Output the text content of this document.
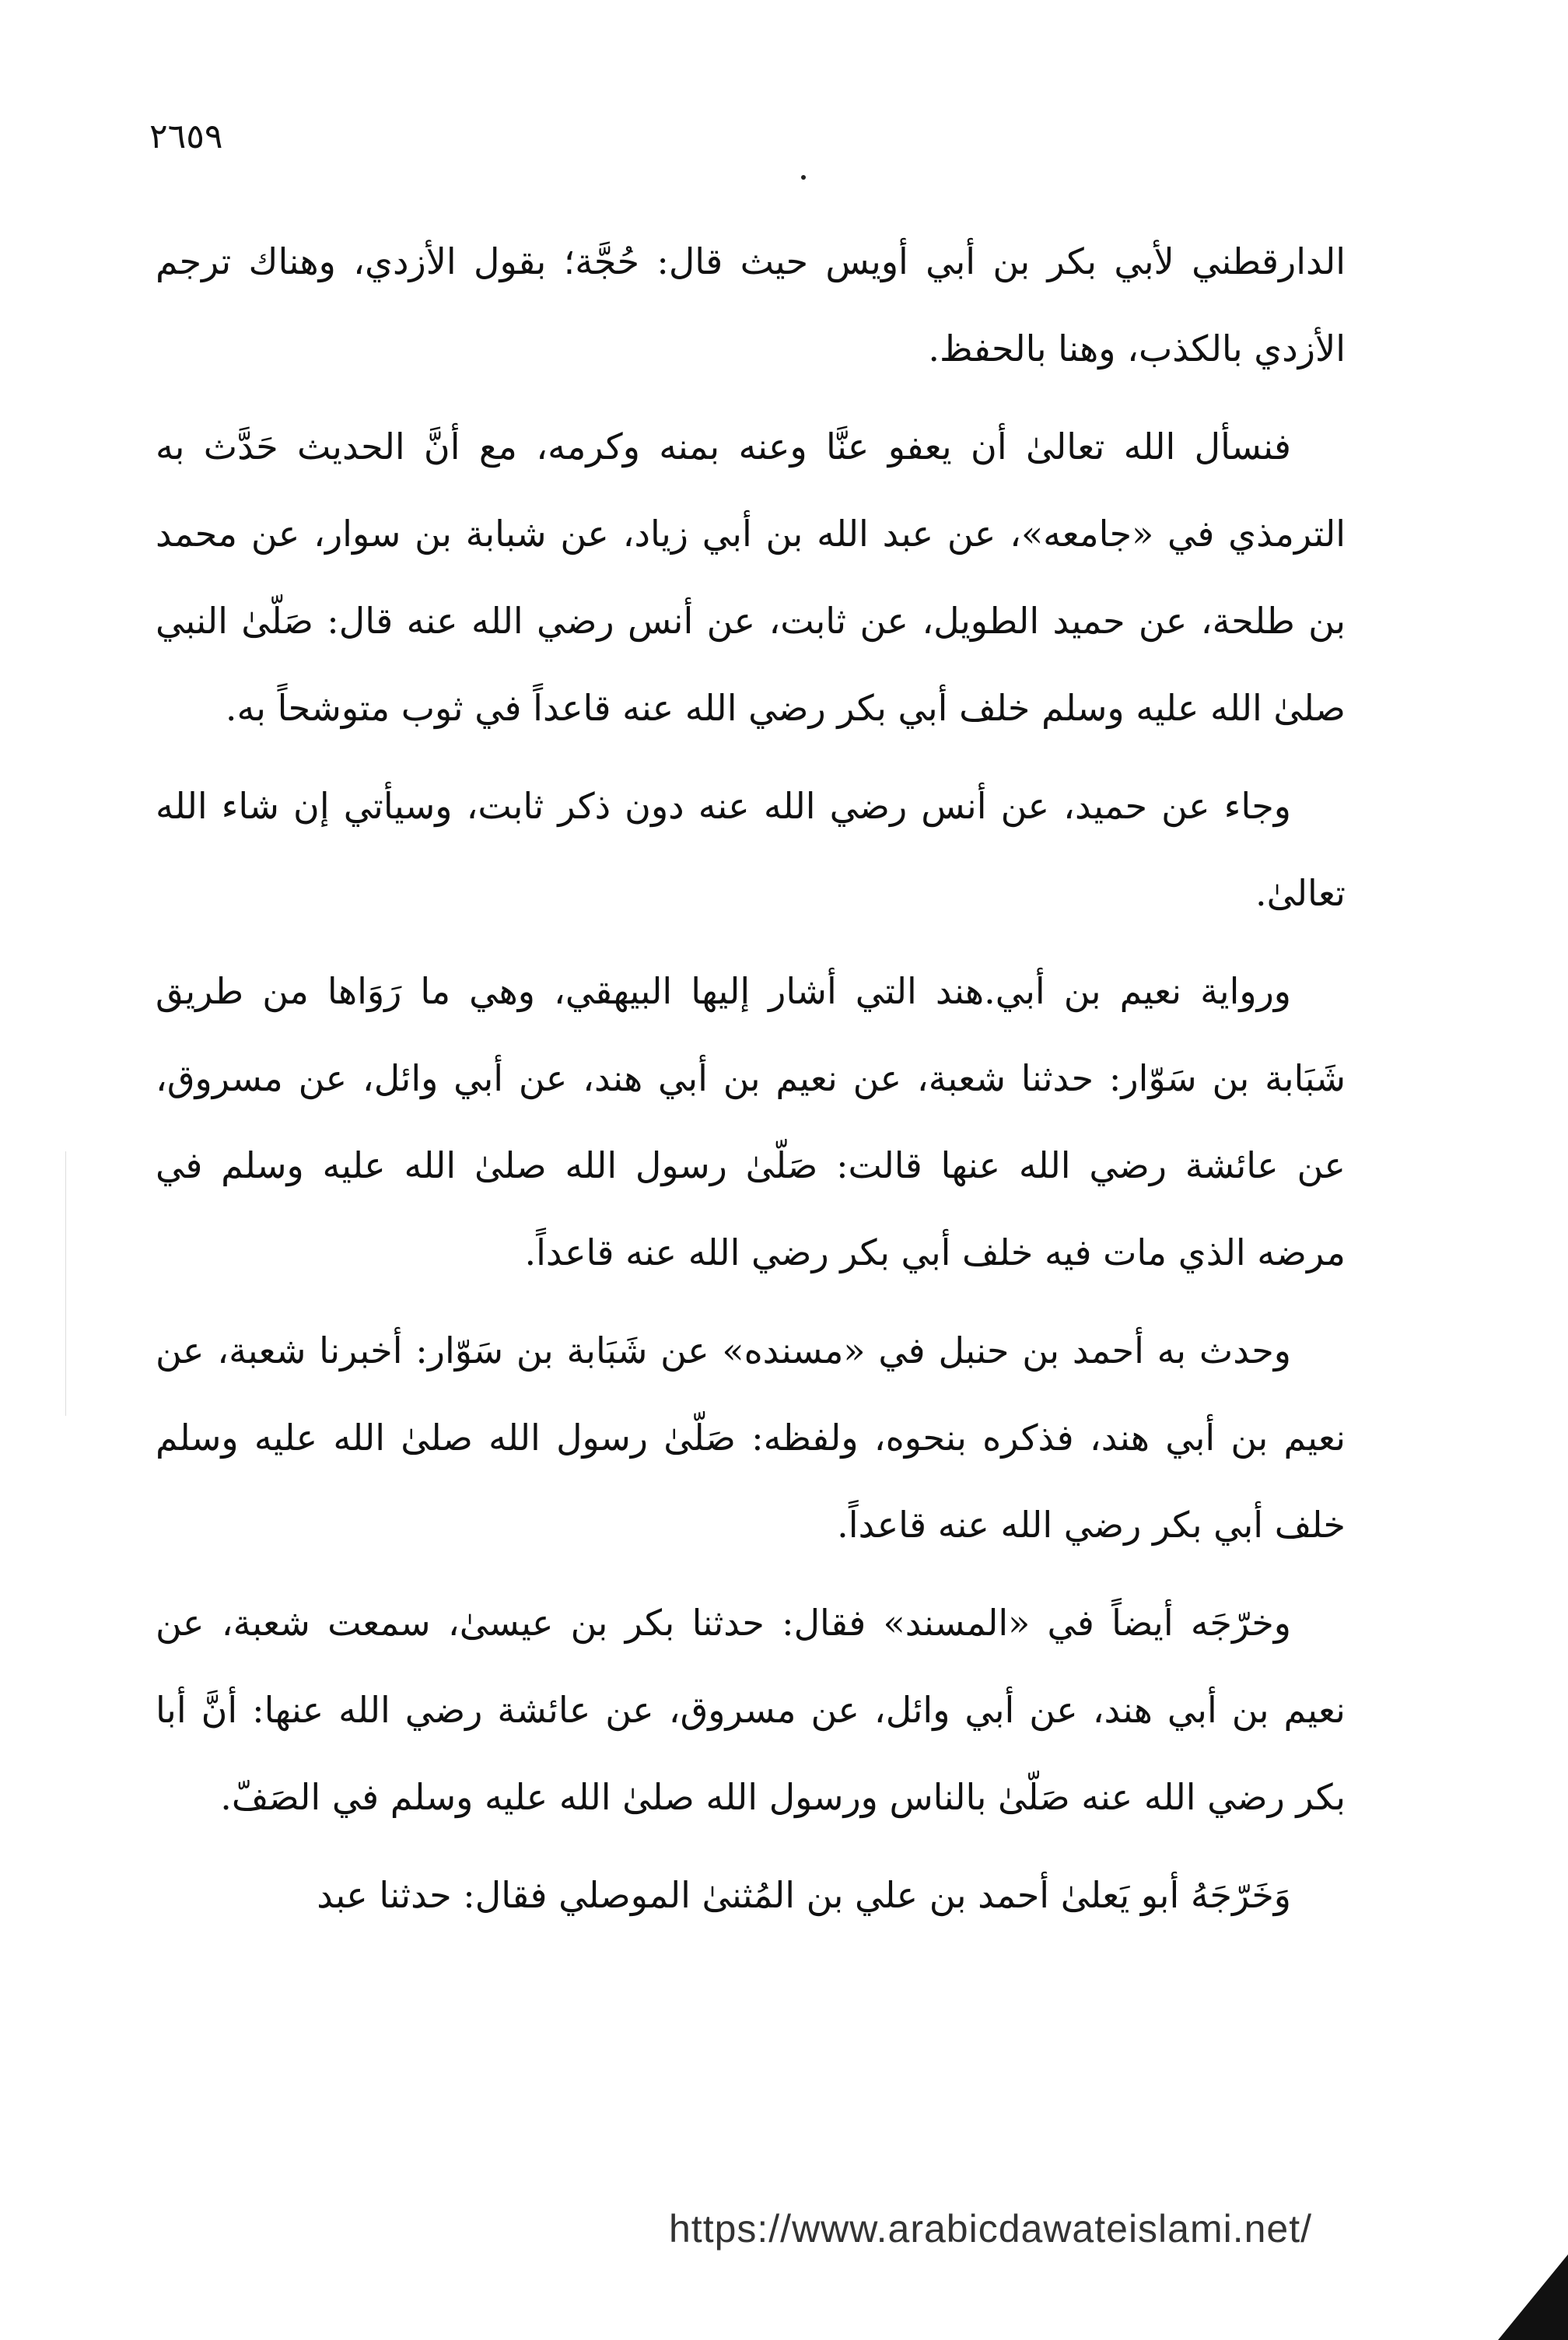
٢٦٥٩

الدارقطني لأبي بكر بن أبي أويس حيث قال: حُجَّة؛ بقول الأزدي، وهناك ترجم الأزدي بالكذب، وهنا بالحفظ.

فنسأل الله تعالىٰ أن يعفو عنَّا وعنه بمنه وكرمه، مع أنَّ الحديث حَدَّث به الترمذي في «جامعه»، عن عبد الله بن أبي زياد، عن شبابة بن سوار، عن محمد بن طلحة، عن حميد الطويل، عن ثابت، عن أنس رضي الله عنه قال: صَلّىٰ النبي صلىٰ الله عليه وسلم خلف أبي بكر رضي الله عنه قاعداً في ثوب متوشحاً به.

وجاء عن حميد، عن أنس رضي الله عنه دون ذكر ثابت، وسيأتي إن شاء الله تعالىٰ.

ورواية نعيم بن أبي.هند التي أشار إليها البيهقي، وهي ما رَوَاها من طريق شَبَابة بن سَوّار: حدثنا شعبة، عن نعيم بن أبي هند، عن أبي وائل، عن مسروق، عن عائشة رضي الله عنها قالت: صَلّىٰ رسول الله صلىٰ الله عليه وسلم في مرضه الذي مات فيه خلف أبي بكر رضي الله عنه قاعداً.

وحدث به أحمد بن حنبل في «مسنده» عن شَبَابة بن سَوّار: أخبرنا شعبة، عن نعيم بن أبي هند، فذكره بنحوه، ولفظه: صَلّىٰ رسول الله صلىٰ الله عليه وسلم خلف أبي بكر رضي الله عنه قاعداً.

وخرّجَه أيضاً في «المسند» فقال: حدثنا بكر بن عيسىٰ، سمعت شعبة، عن نعيم بن أبي هند، عن أبي وائل، عن مسروق، عن عائشة رضي الله عنها: أنَّ أبا بكر رضي الله عنه صَلّىٰ بالناس ورسول الله صلىٰ الله عليه وسلم في الصَفّ.

وَخَرّجَهُ أبو يَعلىٰ أحمد بن علي بن المُثنىٰ الموصلي فقال: حدثنا عبد

https://www.arabicdawateislami.net/
